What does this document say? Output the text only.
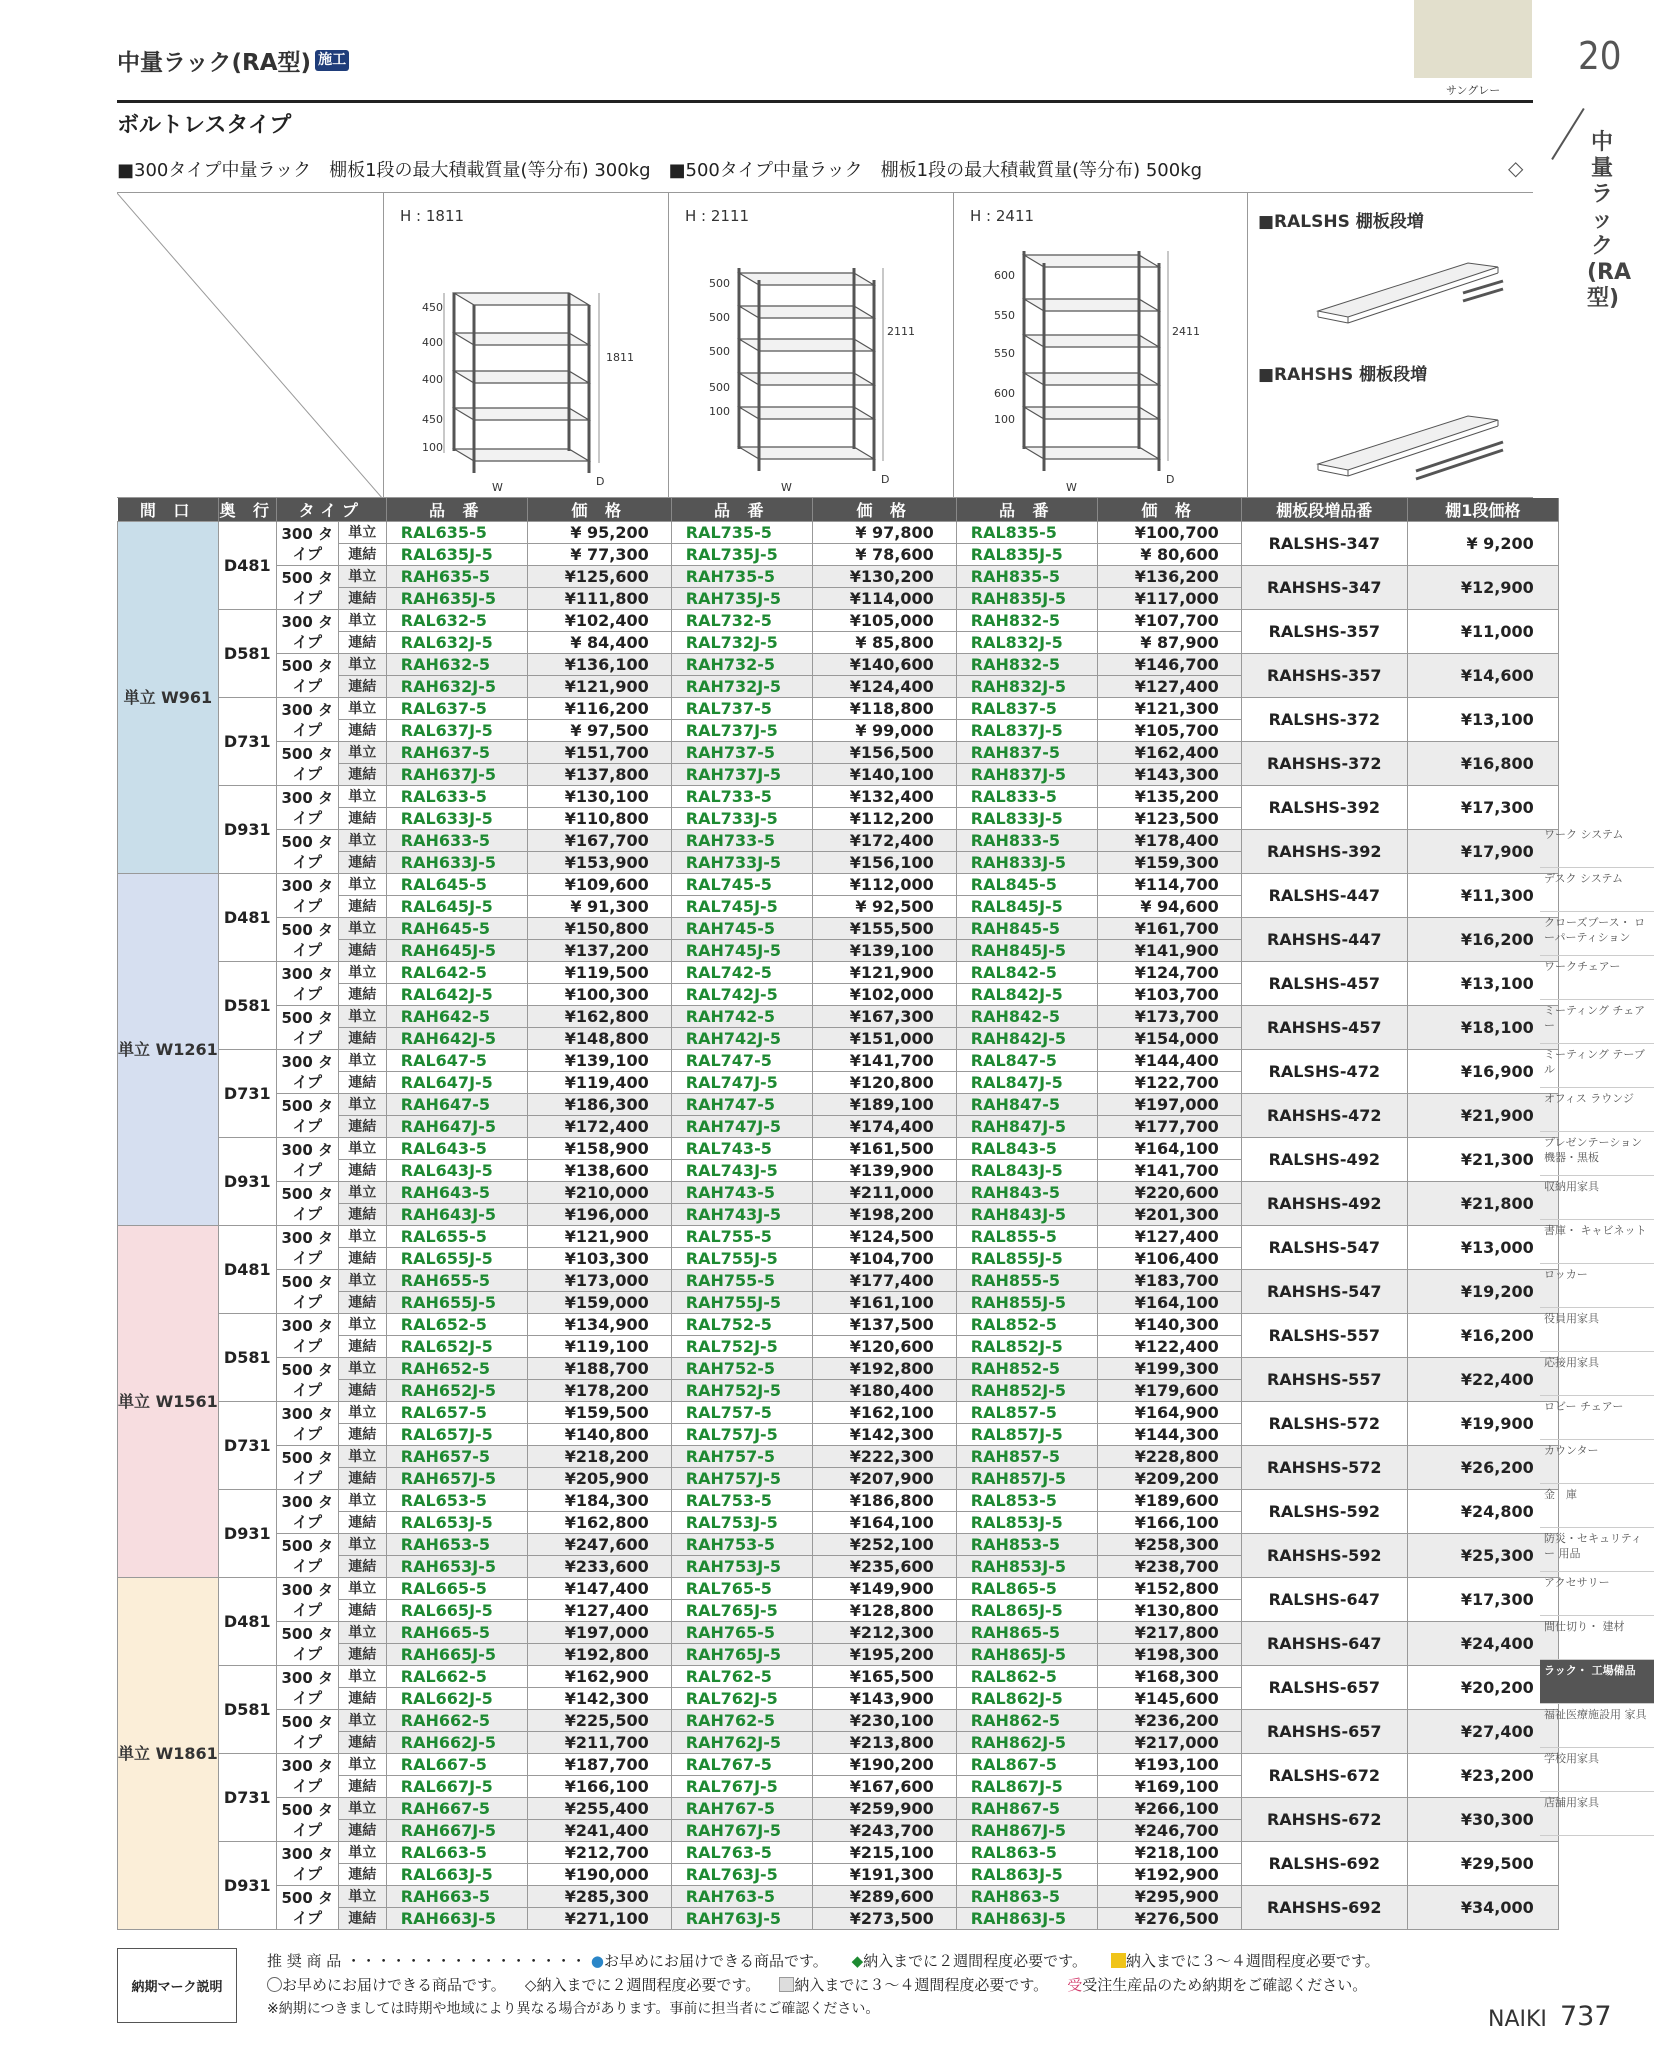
中量ラック(RA型) 施工
サングレー
20
中量ラック(RA型)
ボルトレスタイプ
■300タイプ中量ラック　棚板1段の最大積載質量(等分布) 300kg　■500タイプ中量ラック　棚板1段の最大積載質量(等分布) 500kg	◇
H : 1811
450
400
400
450
100
1811
W	D
H : 2111
500
500
500
500
100
2111
W
D
H : 2411
600
550
550
600
100
2411
W
D
■RALSHS 棚板段増
■RAHSHS 棚板段増
間 口	奥 行	タイプ		品 番	価 格	品 番	価 格	品 番	価 格	棚板段増品番	棚1段価格
単立 W961	D481	300 タイプ	単立	RAL635-5	¥ 95,200	RAL735-5	¥ 97,800	RAL835-5	¥100,700	RALSHS-347	¥ 9,200
			連結	RAL635J-5	¥ 77,300	RAL735J-5	¥ 78,600	RAL835J-5	¥ 80,600		
		500 タイプ	単立	RAH635-5	¥125,600	RAH735-5	¥130,200	RAH835-5	¥136,200	RAHSHS-347	¥12,900
			連結	RAH635J-5	¥111,800	RAH735J-5	¥114,000	RAH835J-5	¥117,000		
	D581	300 タイプ	単立	RAL632-5	¥102,400	RAL732-5	¥105,000	RAH832-5	¥107,700	RALSHS-357	¥11,000
			連結	RAL632J-5	¥ 84,400	RAL732J-5	¥ 85,800	RAL832J-5	¥ 87,900		
		500 タイプ	単立	RAH632-5	¥136,100	RAH732-5	¥140,600	RAH832-5	¥146,700	RAHSHS-357	¥14,600
			連結	RAH632J-5	¥121,900	RAH732J-5	¥124,400	RAH832J-5	¥127,400		
	D731	300 タイプ	単立	RAL637-5	¥116,200	RAL737-5	¥118,800	RAL837-5	¥121,300	RALSHS-372	¥13,100
			連結	RAL637J-5	¥ 97,500	RAL737J-5	¥ 99,000	RAL837J-5	¥105,700		
		500 タイプ	単立	RAH637-5	¥151,700	RAH737-5	¥156,500	RAH837-5	¥162,400	RAHSHS-372	¥16,800
			連結	RAH637J-5	¥137,800	RAH737J-5	¥140,100	RAH837J-5	¥143,300		
	D931	300 タイプ	単立	RAL633-5	¥130,100	RAL733-5	¥132,400	RAL833-5	¥135,200	RALSHS-392	¥17,300
			連結	RAL633J-5	¥110,800	RAL733J-5	¥112,200	RAL833J-5	¥123,500		
		500 タイプ	単立	RAH633-5	¥167,700	RAH733-5	¥172,400	RAH833-5	¥178,400	RAHSHS-392	¥17,900
			連結	RAH633J-5	¥153,900	RAH733J-5	¥156,100	RAH833J-5	¥159,300		
単立 W1261	D481	300 タイプ	単立	RAL645-5	¥109,600	RAL745-5	¥112,000	RAL845-5	¥114,700	RALSHS-447	¥11,300
			連結	RAL645J-5	¥ 91,300	RAL745J-5	¥ 92,500	RAL845J-5	¥ 94,600		
		500 タイプ	単立	RAH645-5	¥150,800	RAH745-5	¥155,500	RAH845-5	¥161,700	RAHSHS-447	¥16,200
			連結	RAH645J-5	¥137,200	RAH745J-5	¥139,100	RAH845J-5	¥141,900		
	D581	300 タイプ	単立	RAL642-5	¥119,500	RAL742-5	¥121,900	RAL842-5	¥124,700	RALSHS-457	¥13,100
			連結	RAL642J-5	¥100,300	RAL742J-5	¥102,000	RAL842J-5	¥103,700		
		500 タイプ	単立	RAH642-5	¥162,800	RAH742-5	¥167,300	RAH842-5	¥173,700	RAHSHS-457	¥18,100
			連結	RAH642J-5	¥148,800	RAH742J-5	¥151,000	RAH842J-5	¥154,000		
	D731	300 タイプ	単立	RAL647-5	¥139,100	RAL747-5	¥141,700	RAL847-5	¥144,400	RALSHS-472	¥16,900
			連結	RAL647J-5	¥119,400	RAL747J-5	¥120,800	RAL847J-5	¥122,700		
		500 タイプ	単立	RAH647-5	¥186,300	RAH747-5	¥189,100	RAH847-5	¥197,000	RAHSHS-472	¥21,900
			連結	RAH647J-5	¥172,400	RAH747J-5	¥174,400	RAH847J-5	¥177,700		
	D931	300 タイプ	単立	RAL643-5	¥158,900	RAL743-5	¥161,500	RAL843-5	¥164,100	RALSHS-492	¥21,300
			連結	RAL643J-5	¥138,600	RAL743J-5	¥139,900	RAL843J-5	¥141,700		
		500 タイプ	単立	RAH643-5	¥210,000	RAH743-5	¥211,000	RAH843-5	¥220,600	RAHSHS-492	¥21,800
			連結	RAH643J-5	¥196,000	RAH743J-5	¥198,200	RAH843J-5	¥201,300		
単立 W1561	D481	300 タイプ	単立	RAL655-5	¥121,900	RAL755-5	¥124,500	RAL855-5	¥127,400	RALSHS-547	¥13,000
			連結	RAL655J-5	¥103,300	RAL755J-5	¥104,700	RAL855J-5	¥106,400		
		500 タイプ	単立	RAH655-5	¥173,000	RAH755-5	¥177,400	RAH855-5	¥183,700	RAHSHS-547	¥19,200
			連結	RAH655J-5	¥159,000	RAH755J-5	¥161,100	RAH855J-5	¥164,100		
	D581	300 タイプ	単立	RAL652-5	¥134,900	RAL752-5	¥137,500	RAL852-5	¥140,300	RALSHS-557	¥16,200
			連結	RAL652J-5	¥119,100	RAL752J-5	¥120,600	RAL852J-5	¥122,400		
		500 タイプ	単立	RAH652-5	¥188,700	RAH752-5	¥192,800	RAH852-5	¥199,300	RAHSHS-557	¥22,400
			連結	RAH652J-5	¥178,200	RAH752J-5	¥180,400	RAH852J-5	¥179,600		
	D731	300 タイプ	単立	RAL657-5	¥159,500	RAL757-5	¥162,100	RAL857-5	¥164,900	RALSHS-572	¥19,900
			連結	RAL657J-5	¥140,800	RAL757J-5	¥142,300	RAL857J-5	¥144,300		
		500 タイプ	単立	RAH657-5	¥218,200	RAH757-5	¥222,300	RAH857-5	¥228,800	RAHSHS-572	¥26,200
			連結	RAH657J-5	¥205,900	RAH757J-5	¥207,900	RAH857J-5	¥209,200		
	D931	300 タイプ	単立	RAL653-5	¥184,300	RAL753-5	¥186,800	RAL853-5	¥189,600	RALSHS-592	¥24,800
			連結	RAL653J-5	¥162,800	RAL753J-5	¥164,100	RAL853J-5	¥166,100		
		500 タイプ	単立	RAH653-5	¥247,600	RAH753-5	¥252,100	RAH853-5	¥258,300	RAHSHS-592	¥25,300
			連結	RAH653J-5	¥233,600	RAH753J-5	¥235,600	RAH853J-5	¥238,700		
単立 W1861	D481	300 タイプ	単立	RAL665-5	¥147,400	RAL765-5	¥149,900	RAL865-5	¥152,800	RALSHS-647	¥17,300
			連結	RAL665J-5	¥127,400	RAL765J-5	¥128,800	RAL865J-5	¥130,800		
		500 タイプ	単立	RAH665-5	¥197,000	RAH765-5	¥212,300	RAH865-5	¥217,800	RAHSHS-647	¥24,400
			連結	RAH665J-5	¥192,800	RAH765J-5	¥195,200	RAH865J-5	¥198,300		
	D581	300 タイプ	単立	RAL662-5	¥162,900	RAL762-5	¥165,500	RAL862-5	¥168,300	RALSHS-657	¥20,200
			連結	RAL662J-5	¥142,300	RAL762J-5	¥143,900	RAL862J-5	¥145,600		
		500 タイプ	単立	RAH662-5	¥225,500	RAH762-5	¥230,100	RAH862-5	¥236,200	RAHSHS-657	¥27,400
			連結	RAH662J-5	¥211,700	RAH762J-5	¥213,800	RAH862J-5	¥217,000		
	D731	300 タイプ	単立	RAL667-5	¥187,700	RAL767-5	¥190,200	RAL867-5	¥193,100	RALSHS-672	¥23,200
			連結	RAL667J-5	¥166,100	RAL767J-5	¥167,600	RAL867J-5	¥169,100		
		500 タイプ	単立	RAH667-5	¥255,400	RAH767-5	¥259,900	RAH867-5	¥266,100	RAHSHS-672	¥30,300
			連結	RAH667J-5	¥241,400	RAH767J-5	¥243,700	RAH867J-5	¥246,700		
	D931	300 タイプ	単立	RAL663-5	¥212,700	RAL763-5	¥215,100	RAL863-5	¥218,100	RALSHS-692	¥29,500
			連結	RAL663J-5	¥190,000	RAL763J-5	¥191,300	RAL863J-5	¥192,900		
		500 タイプ	単立	RAH663-5	¥285,300	RAH763-5	¥289,600	RAH863-5	¥295,900	RAHSHS-692	¥34,000
			連結	RAH663J-5	¥271,100	RAH763J-5	¥273,500	RAH863J-5	¥276,500		
ワーク システム
デスク システム
クローズブース・ ローパーティション
ワークチェアー
ミーティング チェアー
ミーティング テーブル
オフィス ラウンジ
プレゼンテーション 機器・黒板
収納用家具
書庫・ キャビネット
ロッカー
役員用家具
応接用家具
ロビー チェアー
カウンター
金　庫
防災・セキュリティー 用品
アクセサリー
間仕切り・ 建材
ラック・ 工場備品
福祉医療施設用 家具
学校用家具
店舗用家具
納期マーク説明
推 奨 商 品 ・・・・・・・・・・・・・・・・ ●お早めにお届けできる商品です。 ◆納入までに２週間程度必要です。	納入までに３～４週間程度必要です。
お早めにお届けできる商品です。 ◇納入までに２週間程度必要です。 納入までに３～４週間程度必要です。 受受注生産品のため納期をご確認ください。
※納期につきましては時期や地域により異なる場合があります。事前に担当者にご確認ください。	NAIKI 737
